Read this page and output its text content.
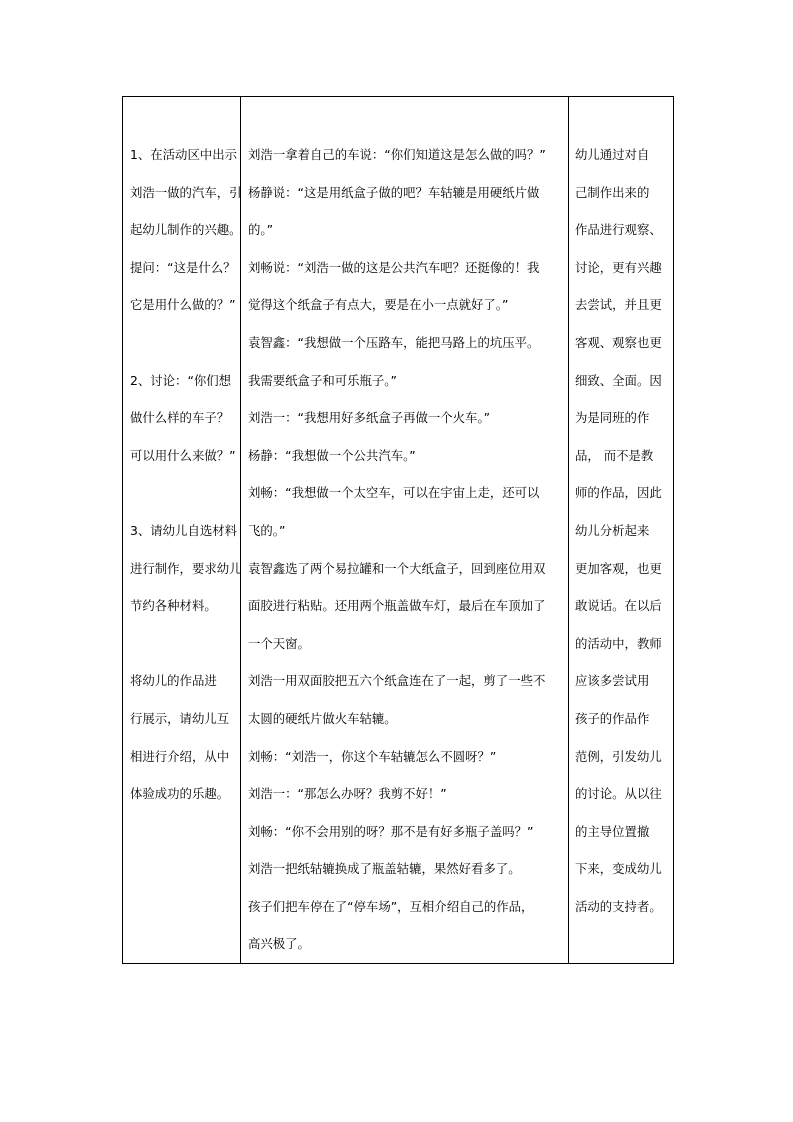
1、在活动区中出示
刘浩一做的汽车，引
起幼儿制作的兴趣。
提问：“这是什么？
它是用什么做的？”
2、讨论：“你们想
做什么样的车子？
可以用什么来做？”
3、请幼儿自选材料
进行制作，要求幼儿
节约各种材料。
将幼儿的作品进
行展示，请幼儿互
相进行介绍，从中
体验成功的乐趣。

刘浩一拿着自己的车说：“你们知道这是怎么做的吗？”
杨静说：“这是用纸盒子做的吧？车轱辘是用硬纸片做
的。”
刘畅说：“刘浩一做的这是公共汽车吧？还挺像的！我
觉得这个纸盒子有点大，要是在小一点就好了。”
袁智鑫：“我想做一个压路车，能把马路上的坑压平。
我需要纸盒子和可乐瓶子。”
刘浩一：“我想用好多纸盒子再做一个火车。”
杨静：“我想做一个公共汽车。”
刘畅：“我想做一个太空车，可以在宇宙上走，还可以
飞的。”
袁智鑫选了两个易拉罐和一个大纸盒子，回到座位用双
面胶进行粘贴。还用两个瓶盖做车灯，最后在车顶加了
一个天窗。
刘浩一用双面胶把五六个纸盒连在了一起，剪了一些不
太圆的硬纸片做火车轱辘。
刘畅：“刘浩一，你这个车轱辘怎么不圆呀？”
刘浩一：“那怎么办呀？我剪不好！”
刘畅：“你不会用别的呀？那不是有好多瓶子盖吗？”
刘浩一把纸轱辘换成了瓶盖轱辘，果然好看多了。
孩子们把车停在了“停车场”，互相介绍自己的作品，
高兴极了。

幼儿通过对自
己制作出来的
作品进行观察、
讨论，更有兴趣
去尝试，并且更
客观、观察也更
细致、全面。因
为是同班的作
品， 而不是教
师的作品，因此
幼儿分析起来
更加客观，也更
敢说话。在以后
的活动中，教师
应该多尝试用
孩子的作品作
范例，引发幼儿
的讨论。从以往
的主导位置撤
下来，变成幼儿
活动的支持者。
